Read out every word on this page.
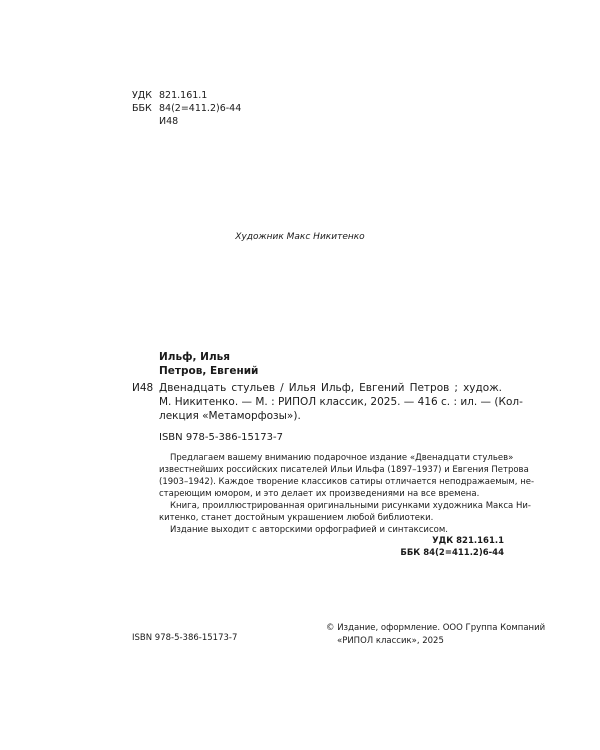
УДК 821.161.1
ББК 84(2=411.2)6-44
И48
Художник Макс Никитенко
Ильф, Илья
Петров, Евгений
И48 Двенадцать стульев / Илья Ильф, Евгений Петров ; худож.
М. Никитенко. — М. : РИПОЛ классик, 2025. — 416 с. : ил. — (Кол-
лекция «Метаморфозы»).
ISBN 978-5-386-15173-7
Предлагаем вашему вниманию подарочное издание «Двенадцати стульев»
известнейших российских писателей Ильи Ильфа (1897–1937) и Евгения Петрова
(1903–1942). Каждое творение классиков сатиры отличается неподражаемым, не-
стареющим юмором, и это делает их произведениями на все времена.
Книга, проиллюстрированная оригинальными рисунками художника Макса Ни-
китенко, станет достойным украшением любой библиотеки.
Издание выходит с авторскими орфографией и синтаксисом.
УДК 821.161.1
ББК 84(2=411.2)6-44
ISBN 978-5-386-15173-7
© Издание, оформление. ООО Группа Компаний
«РИПОЛ классик», 2025
